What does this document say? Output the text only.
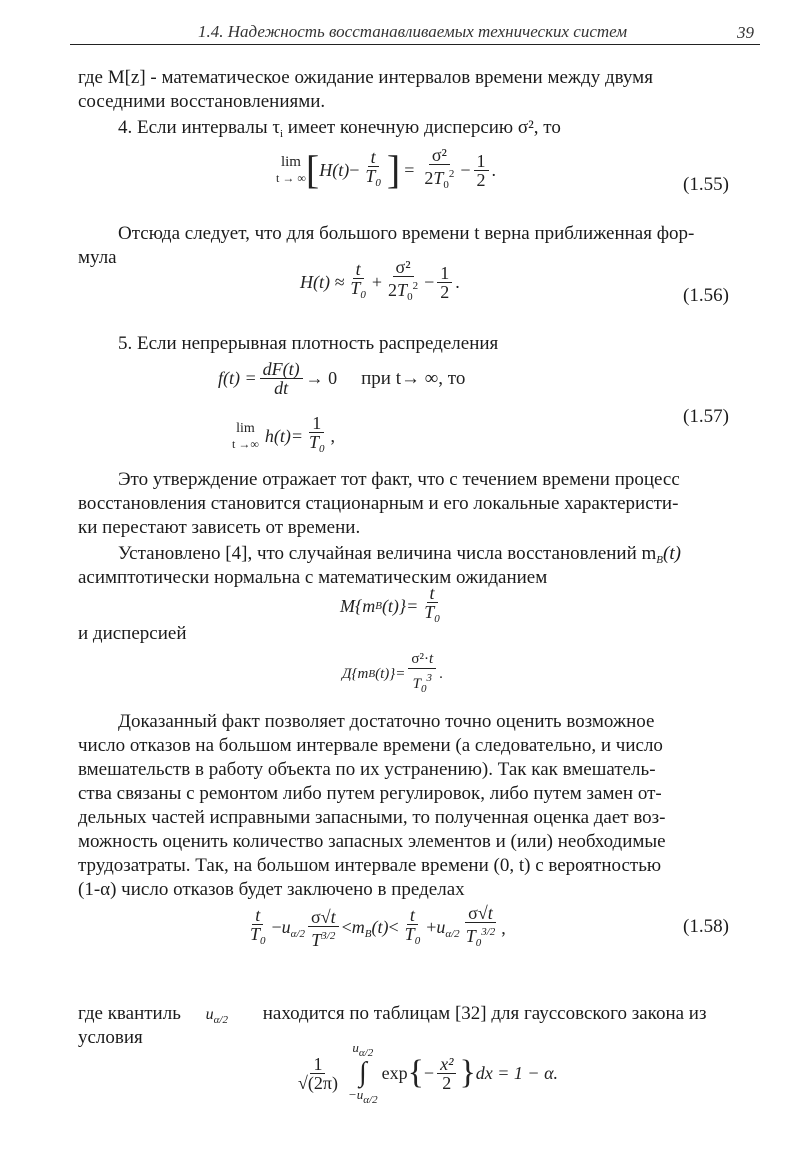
1.4. Надежность восстанавливаемых технических систем	39
где M[z] - математическое ожидание интервалов времени между двумя
соседними восстановлениями.
4. Если интервалы $\tau_i$ имеет конечную дисперсию σ², то
lim
t → ∞ [ $H(t) - \frac{t}{T_0}$ ] = $\frac{\text{σ²}}{2T_0^2} - \frac{1}{2}$ .
(1.55)
Отсюда следует, что для большого времени t верна приближенная фор-
мула
$H(t) \approx \frac{t}{T_0} + \frac{\text{σ²}}{2T_0^2} - \frac{1}{2}$ .
(1.56)
5. Если непрерывная плотность распределения
$f(t) = \frac{dF(t)}{dt} \to 0$ при t→ ∞, то
lim
t →∞ $h(t)= \frac{1}{T_0}$ ,
(1.57)
Это утверждение отражает тот факт, что с течением времени процесс
восстановления становится стационарным и его локальные характеристи-
ки перестают зависеть от времени.
Установлено [4], что случайная величина числа восстановлений $m_B(t)$
асимптотически нормальна с математическим ожиданием
M{m B $(t)\}= \frac{t}{T_0}$
и дисперсией
Д{m B $(t)\}= \frac{\text{σ²·t}}{T_0^3}$ .
Доказанный факт позволяет достаточно точно оценить возможное
число отказов на большом интервале времени (а следовательно, и число
вмешательств в работу объекта по их устранению). Так как вмешатель-
ства связаны с ремонтом либо путем регулировок, либо путем замен от-
дельных частей исправными запасными, то полученная оценка дает воз-
можность оценить количество запасных элементов и (или) необходимые
трудозатраты. Так, на большом интервале времени (0, t) с вероятностью
(1-α) число отказов будет заключено в пределах
$\frac{t}{T_0} -u_{\alpha/2} \frac{\sigma√t}{T^{3/2}} <m_B(t)< \frac{t}{T_0} +u_{\alpha/2} \frac{\sigma√t}{T_0^{3/2}}$ ,	(1.58)
где квантиль $u_{\alpha/2}$ находится по таблицам [32] для гауссовского закона из
условия
$\frac{1}{√(2\pi)}$
$u_{\alpha/2}$
∫
$-u_{\alpha/2}$
exp { − $\frac{\text{x²}}{2}$ } dx = 1 − α.
